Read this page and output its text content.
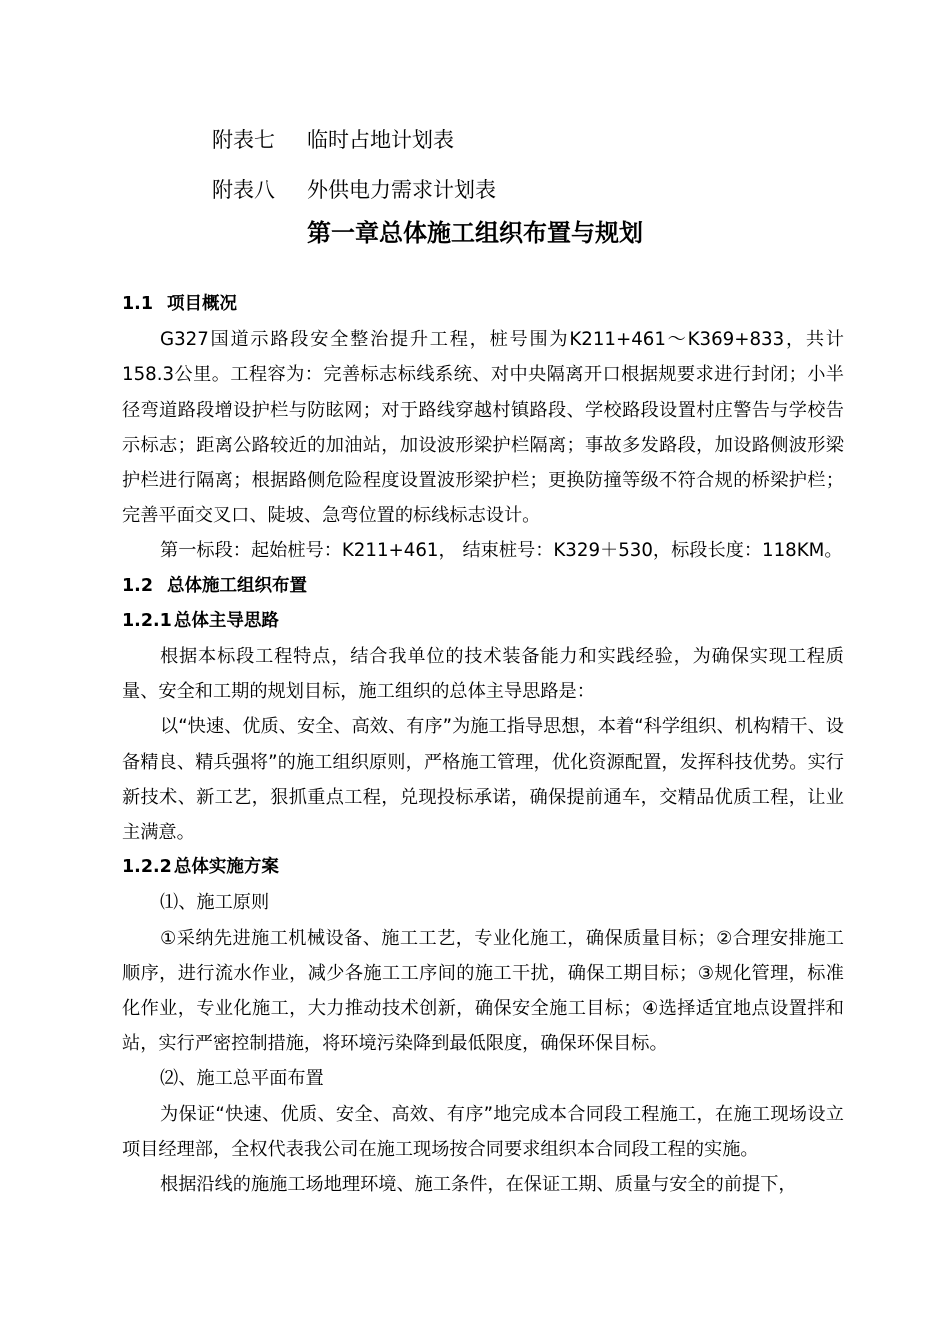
附表七 临时占地计划表
附表八 外供电力需求计划表
第一章总体施工组织布置与规划

1.1 项目概况

G327国道示路段安全整治提升工程，桩号围为K211+461～K369+833，共计158.3公里。工程容为：完善标志标线系统、对中央隔离开口根据规要求进行封闭；小半径弯道路段增设护栏与防眩网；对于路线穿越村镇路段、学校路段设置村庄警告与学校告示标志；距离公路较近的加油站，加设波形梁护栏隔离；事故多发路段，加设路侧波形梁护栏进行隔离；根据路侧危险程度设置波形梁护栏；更换防撞等级不符合规的桥梁护栏；完善平面交叉口、陡坡、急弯位置的标线标志设计。

第一标段：起始桩号：K211+461， 结束桩号：K329＋530，标段长度：118KM。

1.2 总体施工组织布置

1.2.1 总体主导思路

根据本标段工程特点，结合我单位的技术装备能力和实践经验，为确保实现工程质量、安全和工期的规划目标，施工组织的总体主导思路是：

以“快速、优质、安全、高效、有序”为施工指导思想，本着“科学组织、机构精干、设备精良、精兵强将”的施工组织原则，严格施工管理，优化资源配置，发挥科技优势。实行新技术、新工艺，狠抓重点工程，兑现投标承诺，确保提前通车，交精品优质工程，让业主满意。

1.2.2 总体实施方案

⑴、施工原则

①采纳先进施工机械设备、施工工艺，专业化施工，确保质量目标；②合理安排施工顺序，进行流水作业，减少各施工工序间的施工干扰，确保工期目标；③规化管理，标准化作业，专业化施工，大力推动技术创新，确保安全施工目标；④选择适宜地点设置拌和站，实行严密控制措施，将环境污染降到最低限度，确保环保目标。

⑵、施工总平面布置

为保证“快速、优质、安全、高效、有序”地完成本合同段工程施工，在施工现场设立项目经理部，全权代表我公司在施工现场按合同要求组织本合同段工程的实施。

根据沿线的施施工场地理环境、施工条件，在保证工期、质量与安全的前提下，
